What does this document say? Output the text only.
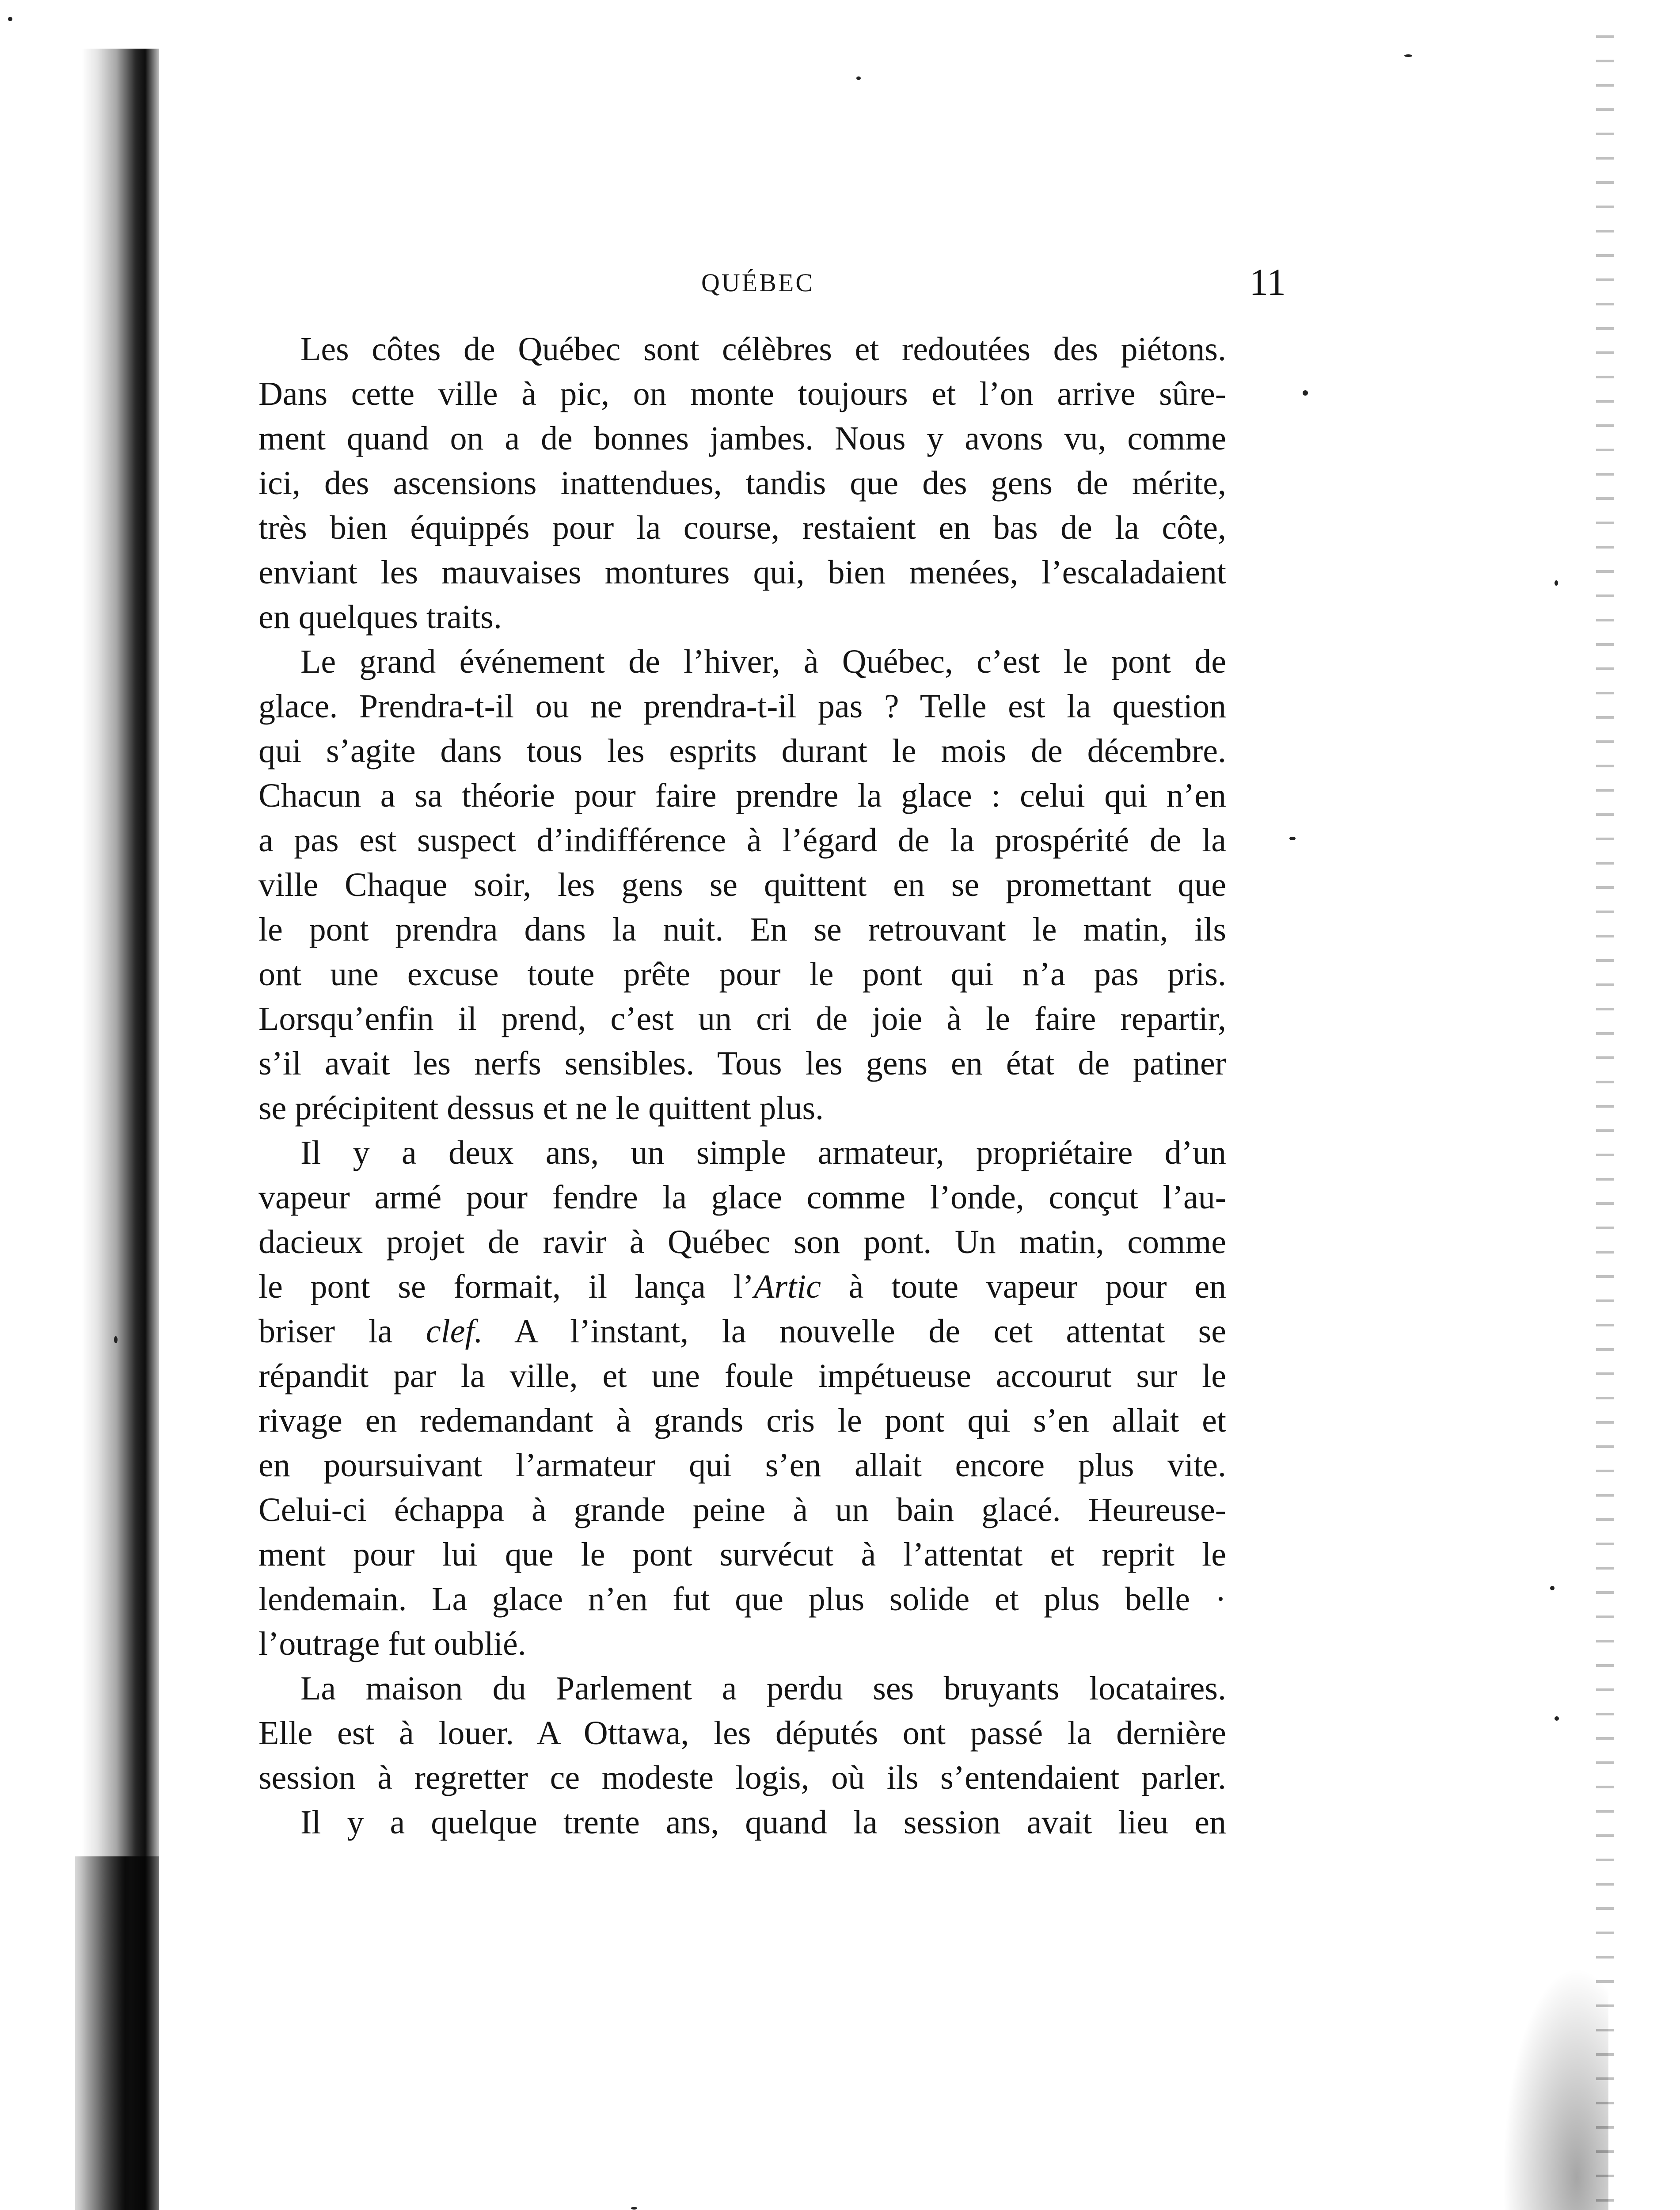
QUÉBEC	11
Les côtes de Québec sont célèbres et redoutées des piétons.
Dans cette ville à pic, on monte toujours et l’on arrive sûre-
ment quand on a de bonnes jambes. Nous y avons vu, comme
ici, des ascensions inattendues, tandis que des gens de mérite,
très bien équippés pour la course, restaient en bas de la côte,
enviant les mauvaises montures qui, bien menées, l’escaladaient
en quelques traits.
Le grand événement de l’hiver, à Québec, c’est le pont de
glace. Prendra-t-il ou ne prendra-t-il pas ? Telle est la question
qui s’agite dans tous les esprits durant le mois de décembre.
Chacun a sa théorie pour faire prendre la glace : celui qui n’en
a pas est suspect d’indifférence à l’égard de la prospérité de la
ville Chaque soir, les gens se quittent en se promettant que
le pont prendra dans la nuit. En se retrouvant le matin, ils
ont une excuse toute prête pour le pont qui n’a pas pris.
Lorsqu’enfin il prend, c’est un cri de joie à le faire repartir,
s’il avait les nerfs sensibles. Tous les gens en état de patiner
se précipitent dessus et ne le quittent plus.
Il y a deux ans, un simple armateur, propriétaire d’un
vapeur armé pour fendre la glace comme l’onde, conçut l’au-
dacieux projet de ravir à Québec son pont. Un matin, comme
le pont se formait, il lança l’Artic à toute vapeur pour en
briser la clef. A l’instant, la nouvelle de cet attentat se
répandit par la ville, et une foule impétueuse accourut sur le
rivage en redemandant à grands cris le pont qui s’en allait et
en poursuivant l’armateur qui s’en allait encore plus vite.
Celui-ci échappa à grande peine à un bain glacé. Heureuse-
ment pour lui que le pont survécut à l’attentat et reprit le
lendemain. La glace n’en fut que plus solide et plus belle ·
l’outrage fut oublié.
La maison du Parlement a perdu ses bruyants locataires.
Elle est à louer. A Ottawa, les députés ont passé la dernière
session à regretter ce modeste logis, où ils s’entendaient parler.
Il y a quelque trente ans, quand la session avait lieu en
